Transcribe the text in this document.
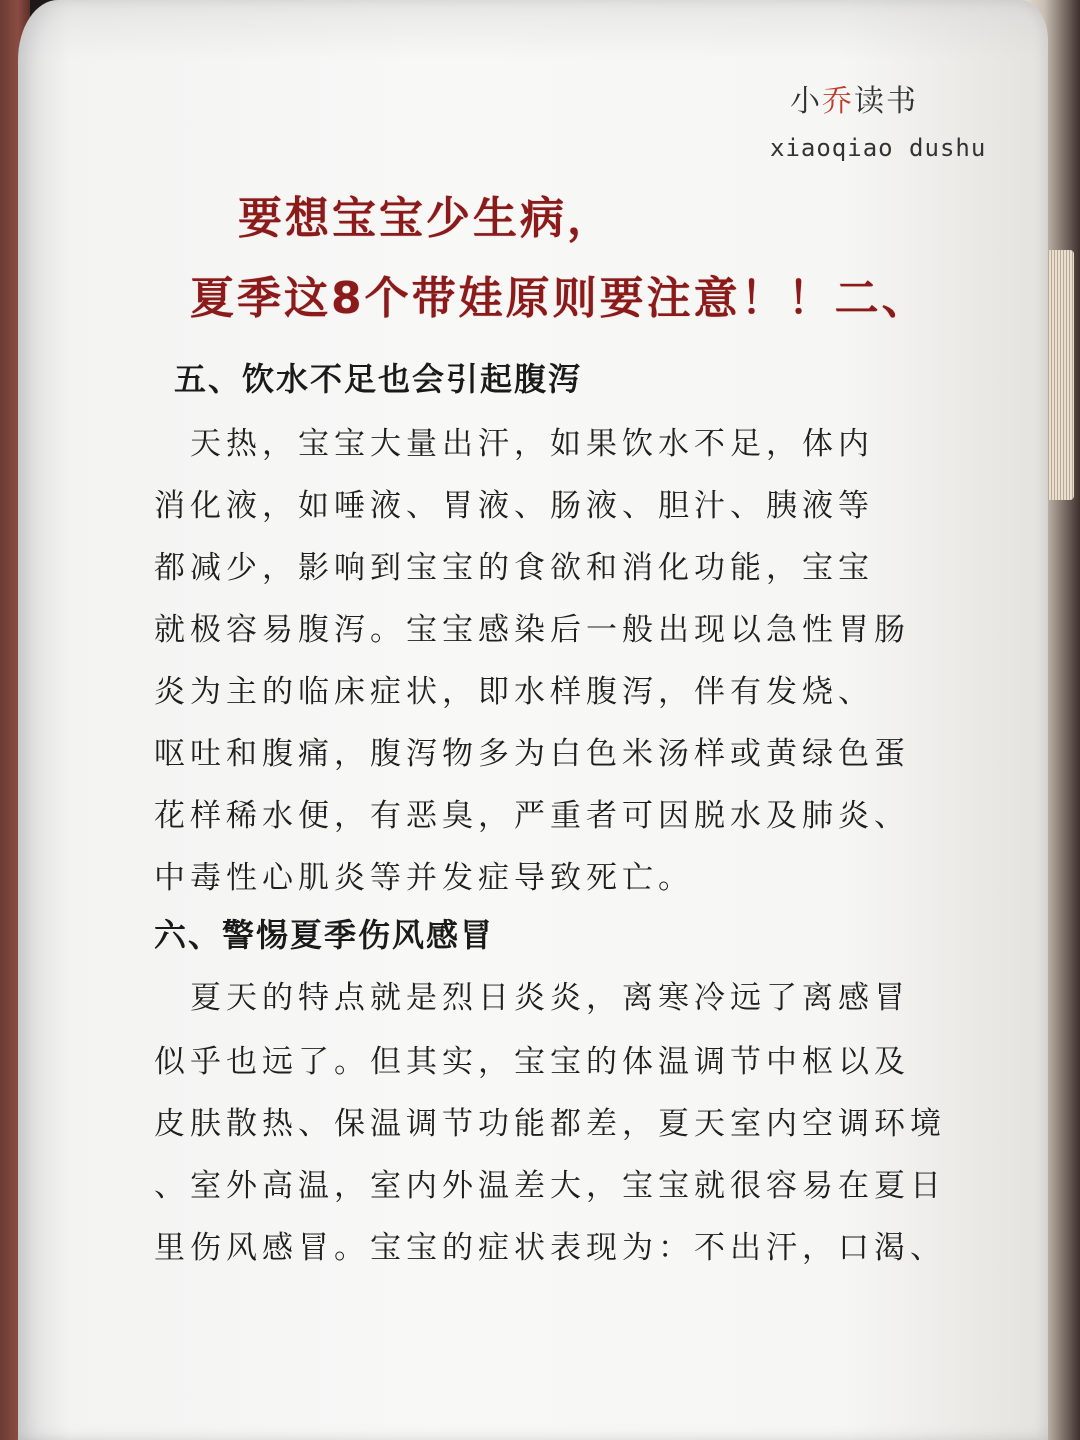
小乔读书
xiaoqiao dushu
要想宝宝少生病，
夏季这8个带娃原则要注意！！二、
五、饮水不足也会引起腹泻
　天热，宝宝大量出汗，如果饮水不足，体内
消化液，如唾液、胃液、肠液、胆汁、胰液等
都减少，影响到宝宝的食欲和消化功能，宝宝
就极容易腹泻。宝宝感染后一般出现以急性胃肠
炎为主的临床症状，即水样腹泻，伴有发烧、
呕吐和腹痛，腹泻物多为白色米汤样或黄绿色蛋
花样稀水便，有恶臭，严重者可因脱水及肺炎、
中毒性心肌炎等并发症导致死亡。
六、警惕夏季伤风感冒
　夏天的特点就是烈日炎炎，离寒冷远了离感冒
似乎也远了。但其实，宝宝的体温调节中枢以及
皮肤散热、保温调节功能都差，夏天室内空调环境
、室外高温，室内外温差大，宝宝就很容易在夏日
里伤风感冒。宝宝的症状表现为：不出汗，口渴、
